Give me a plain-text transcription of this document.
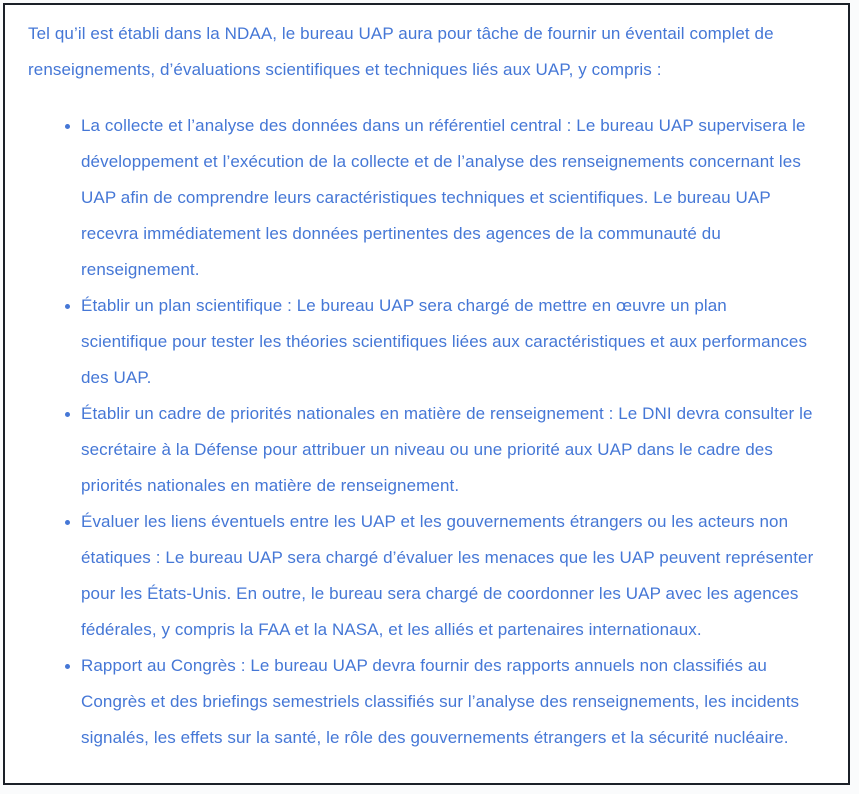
Tel qu’il est établi dans la NDAA, le bureau UAP aura pour tâche de fournir un éventail complet de renseignements, d’évaluations scientifiques et techniques liés aux UAP, y compris :

La collecte et l’analyse des données dans un référentiel central : Le bureau UAP supervisera le développement et l’exécution de la collecte et de l’analyse des renseignements concernant les UAP afin de comprendre leurs caractéristiques techniques et scientifiques. Le bureau UAP recevra immédiatement les données pertinentes des agences de la communauté du renseignement.
Établir un plan scientifique : Le bureau UAP sera chargé de mettre en œuvre un plan scientifique pour tester les théories scientifiques liées aux caractéristiques et aux performances des UAP.
Établir un cadre de priorités nationales en matière de renseignement : Le DNI devra consulter le secrétaire à la Défense pour attribuer un niveau ou une priorité aux UAP dans le cadre des priorités nationales en matière de renseignement.
Évaluer les liens éventuels entre les UAP et les gouvernements étrangers ou les acteurs non étatiques : Le bureau UAP sera chargé d’évaluer les menaces que les UAP peuvent représenter pour les États-Unis. En outre, le bureau sera chargé de coordonner les UAP avec les agences fédérales, y compris la FAA et la NASA, et les alliés et partenaires internationaux.
Rapport au Congrès : Le bureau UAP devra fournir des rapports annuels non classifiés au Congrès et des briefings semestriels classifiés sur l’analyse des renseignements, les incidents signalés, les effets sur la santé, le rôle des gouvernements étrangers et la sécurité nucléaire.
